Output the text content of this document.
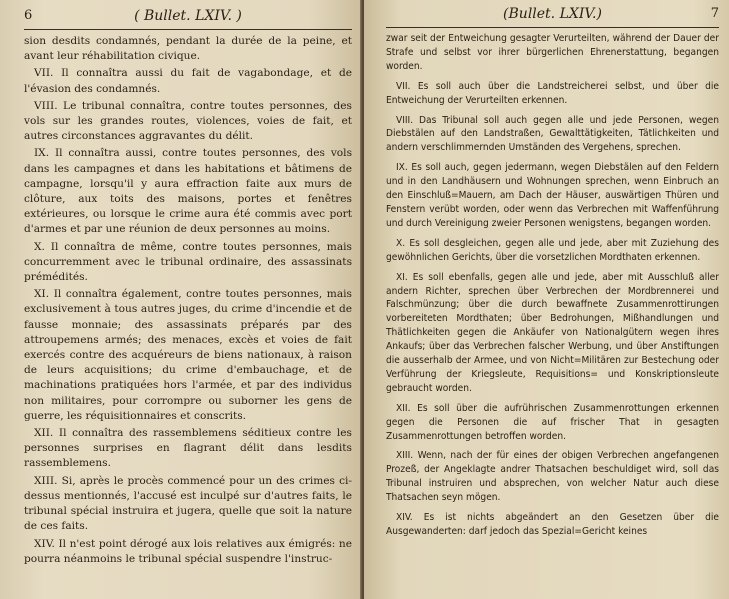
6	( Bullet. LXIV. )

sion desdits condamnés, pendant la durée de la peine, et avant leur réhabilitation civique.

VII. Il connaîtra aussi du fait de vagabondage, et de l'évasion des condamnés.

VIII. Le tribunal connaîtra, contre toutes personnes, des vols sur les grandes routes, violences, voies de fait, et autres circonstances aggravantes du délit.

IX. Il connaîtra aussi, contre toutes personnes, des vols dans les campagnes et dans les habitations et bâtimens de campagne, lorsqu'il y aura effraction faite aux murs de clôture, aux toits des maisons, portes et fenêtres extérieures, ou lorsque le crime aura été commis avec port d'armes et par une réunion de deux personnes au moins.

X. Il connaîtra de même, contre toutes personnes, mais concurremment avec le tribunal ordinaire, des assassinats prémédités.

XI. Il connaîtra également, contre toutes personnes, mais exclusivement à tous autres juges, du crime d'incendie et de fausse monnaie; des assassinats préparés par des attroupemens armés; des menaces, excès et voies de fait exercés contre des acquéreurs de biens nationaux, à raison de leurs acquisitions; du crime d'embauchage, et de machinations pratiquées hors l'armée, et par des individus non militaires, pour corrompre ou suborner les gens de guerre, les réquisitionnaires et conscrits.

XII. Il connaîtra des rassemblemens séditieux contre les personnes surprises en flagrant délit dans lesdits rassemblemens.

XIII. Si, après le procès commencé pour un des crimes ci-dessus mentionnés, l'accusé est inculpé sur d'autres faits, le tribunal spécial instruira et jugera, quelle que soit la nature de ces faits.

XIV. Il n'est point dérogé aux lois relatives aux émigrés: ne pourra néanmoins le tribunal spécial suspendre l'instruc-

(Bullet. LXIV.)	7

zwar seit der Entweichung gesagter Verurteilten, während der Dauer der Strafe und selbst vor ihrer bürgerlichen Ehrenerstattung, begangen worden.

VII. Es soll auch über die Landstreicherei selbst, und über die Entweichung der Verurteilten erkennen.

VIII. Das Tribunal soll auch gegen alle und jede Personen, wegen Diebstälen auf den Landstraßen, Gewalttätigkeiten, Tätlichkeiten und andern verschlimmernden Umständen des Vergehens, sprechen.

IX. Es soll auch, gegen jedermann, wegen Diebstälen auf den Feldern und in den Landhäusern und Wohnungen sprechen, wenn Einbruch an den Einschluß=Mauern, am Dach der Häuser, auswärtigen Thüren und Fenstern verübt worden, oder wenn das Verbrechen mit Waffenführung und durch Vereinigung zweier Personen wenigstens, begangen worden.

X. Es soll desgleichen, gegen alle und jede, aber mit Zuziehung des gewöhnlichen Gerichts, über die vorsetzlichen Mordthaten erkennen.

XI. Es soll ebenfalls, gegen alle und jede, aber mit Ausschluß aller andern Richter, sprechen über Verbrechen der Mordbrennerei und Falschmünzung; über die durch bewaffnete Zusammenrottirungen vorbereiteten Mordthaten; über Bedrohungen, Mißhandlungen und Thätlichkeiten gegen die Ankäufer von Nationalgütern wegen ihres Ankaufs; über das Verbrechen falscher Werbung, und über Anstiftungen die ausserhalb der Armee, und von Nicht=Militären zur Bestechung oder Verführung der Kriegsleute, Requisitions= und Konskriptionsleute gebraucht worden.

XII. Es soll über die aufrührischen Zusammenrottungen erkennen gegen die Personen die auf frischer That in gesagten Zusammenrottungen betroffen worden.

XIII. Wenn, nach der für eines der obigen Verbrechen angefangenen Prozeß, der Angeklagte andrer Thatsachen beschuldiget wird, soll das Tribunal instruiren und absprechen, von welcher Natur auch diese Thatsachen seyn mögen.

XIV. Es ist nichts abgeändert an den Gesetzen über die Ausgewanderten: darf jedoch das Spezial=Gericht keines
